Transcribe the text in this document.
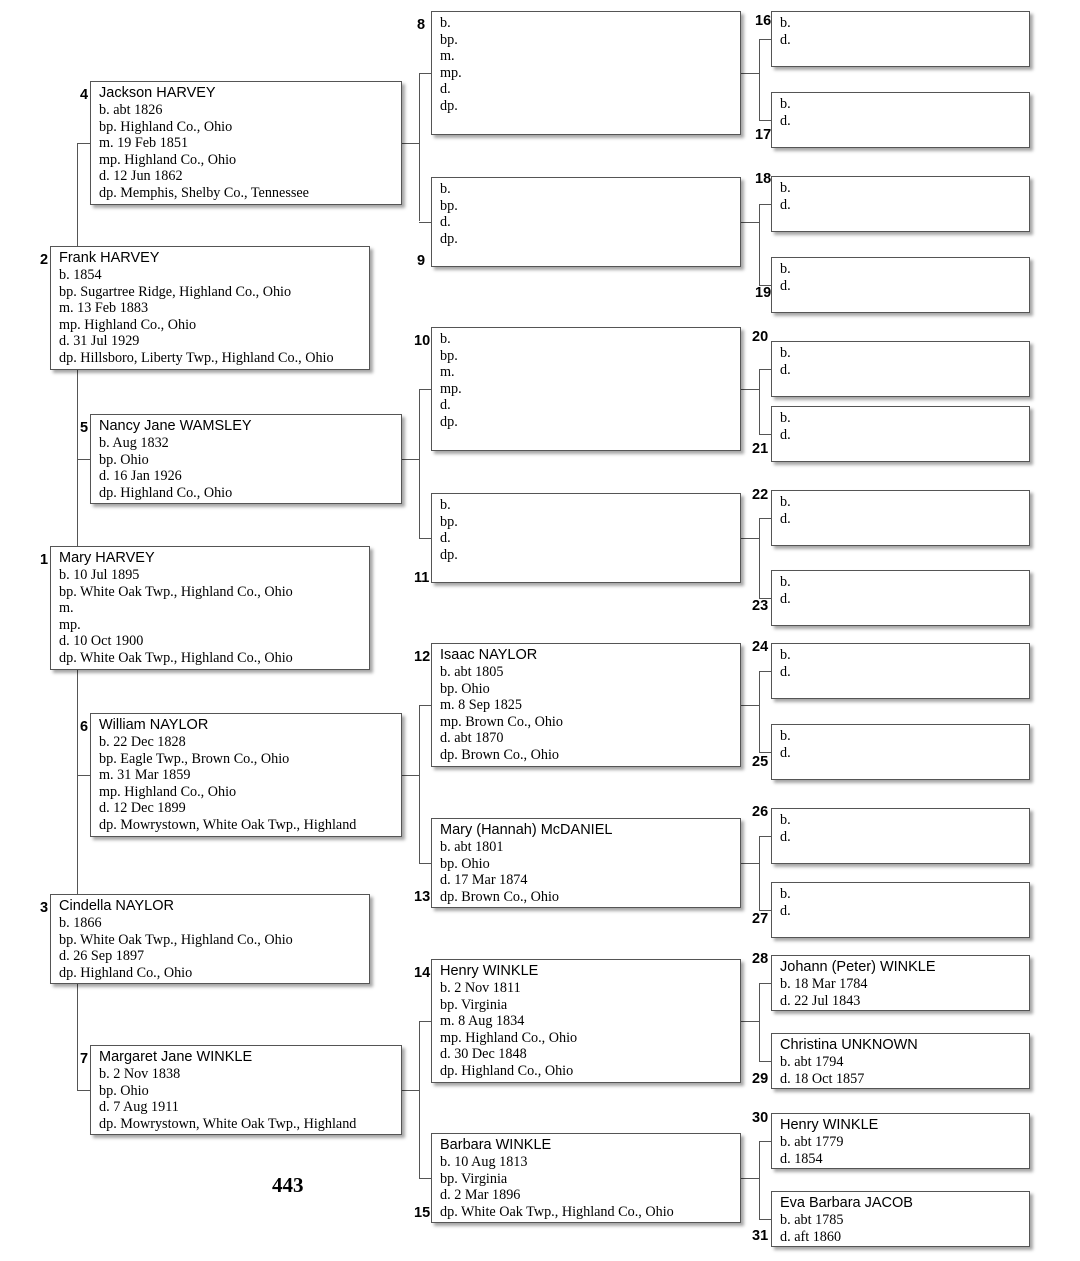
Mary HARVEY
b. 10 Jul 1895
bp. White Oak Twp., Highland Co., Ohio
m.
mp.
d. 10 Oct 1900
dp. White Oak Twp., Highland Co., Ohio
1
Frank HARVEY
b. 1854
bp. Sugartree Ridge, Highland Co., Ohio
m. 13 Feb 1883
mp. Highland Co., Ohio
d. 31 Jul 1929
dp. Hillsboro, Liberty Twp., Highland Co., Ohio
2
Cindella NAYLOR
b. 1866
bp. White Oak Twp., Highland Co., Ohio
d. 26 Sep 1897
dp. Highland Co., Ohio
3
Jackson HARVEY
b. abt 1826
bp. Highland Co., Ohio
m. 19 Feb 1851
mp. Highland Co., Ohio
d. 12 Jun 1862
dp. Memphis, Shelby Co., Tennessee
4
Nancy Jane WAMSLEY
b. Aug 1832
bp. Ohio
d. 16 Jan 1926
dp. Highland Co., Ohio
5
William NAYLOR
b. 22 Dec 1828
bp. Eagle Twp., Brown Co., Ohio
m. 31 Mar 1859
mp. Highland Co., Ohio
d. 12 Dec 1899
dp. Mowrystown, White Oak Twp., Highland
6
Margaret Jane WINKLE
b. 2 Nov 1838
bp. Ohio
d. 7 Aug 1911
dp. Mowrystown, White Oak Twp., Highland
7
b.
bp.
m.
mp.
d.
dp.
8
b.
bp.
d.
dp.
9
b.
bp.
m.
mp.
d.
dp.
10
b.
bp.
d.
dp.
11
Isaac NAYLOR
b. abt 1805
bp. Ohio
m. 8 Sep 1825
mp. Brown Co., Ohio
d. abt 1870
dp. Brown Co., Ohio
12
Mary (Hannah) McDANIEL
b. abt 1801
bp. Ohio
d. 17 Mar 1874
dp. Brown Co., Ohio
13
Henry WINKLE
b. 2 Nov 1811
bp. Virginia
m. 8 Aug 1834
mp. Highland Co., Ohio
d. 30 Dec 1848
dp. Highland Co., Ohio
14
Barbara WINKLE
b. 10 Aug 1813
bp. Virginia
d. 2 Mar 1896
dp. White Oak Twp., Highland Co., Ohio
15
b.
d.
16
b.
d.
17
b.
d.
18
b.
d.
19
b.
d.
20
b.
d.
21
b.
d.
22
b.
d.
23
b.
d.
24
b.
d.
25
b.
d.
26
b.
d.
27
Johann (Peter) WINKLE
b. 18 Mar 1784
d. 22 Jul 1843
28
Christina UNKNOWN
b. abt 1794
d. 18 Oct 1857
29
Henry WINKLE
b. abt 1779
d. 1854
30
Eva Barbara JACOB
b. abt 1785
d. aft 1860
31
443
